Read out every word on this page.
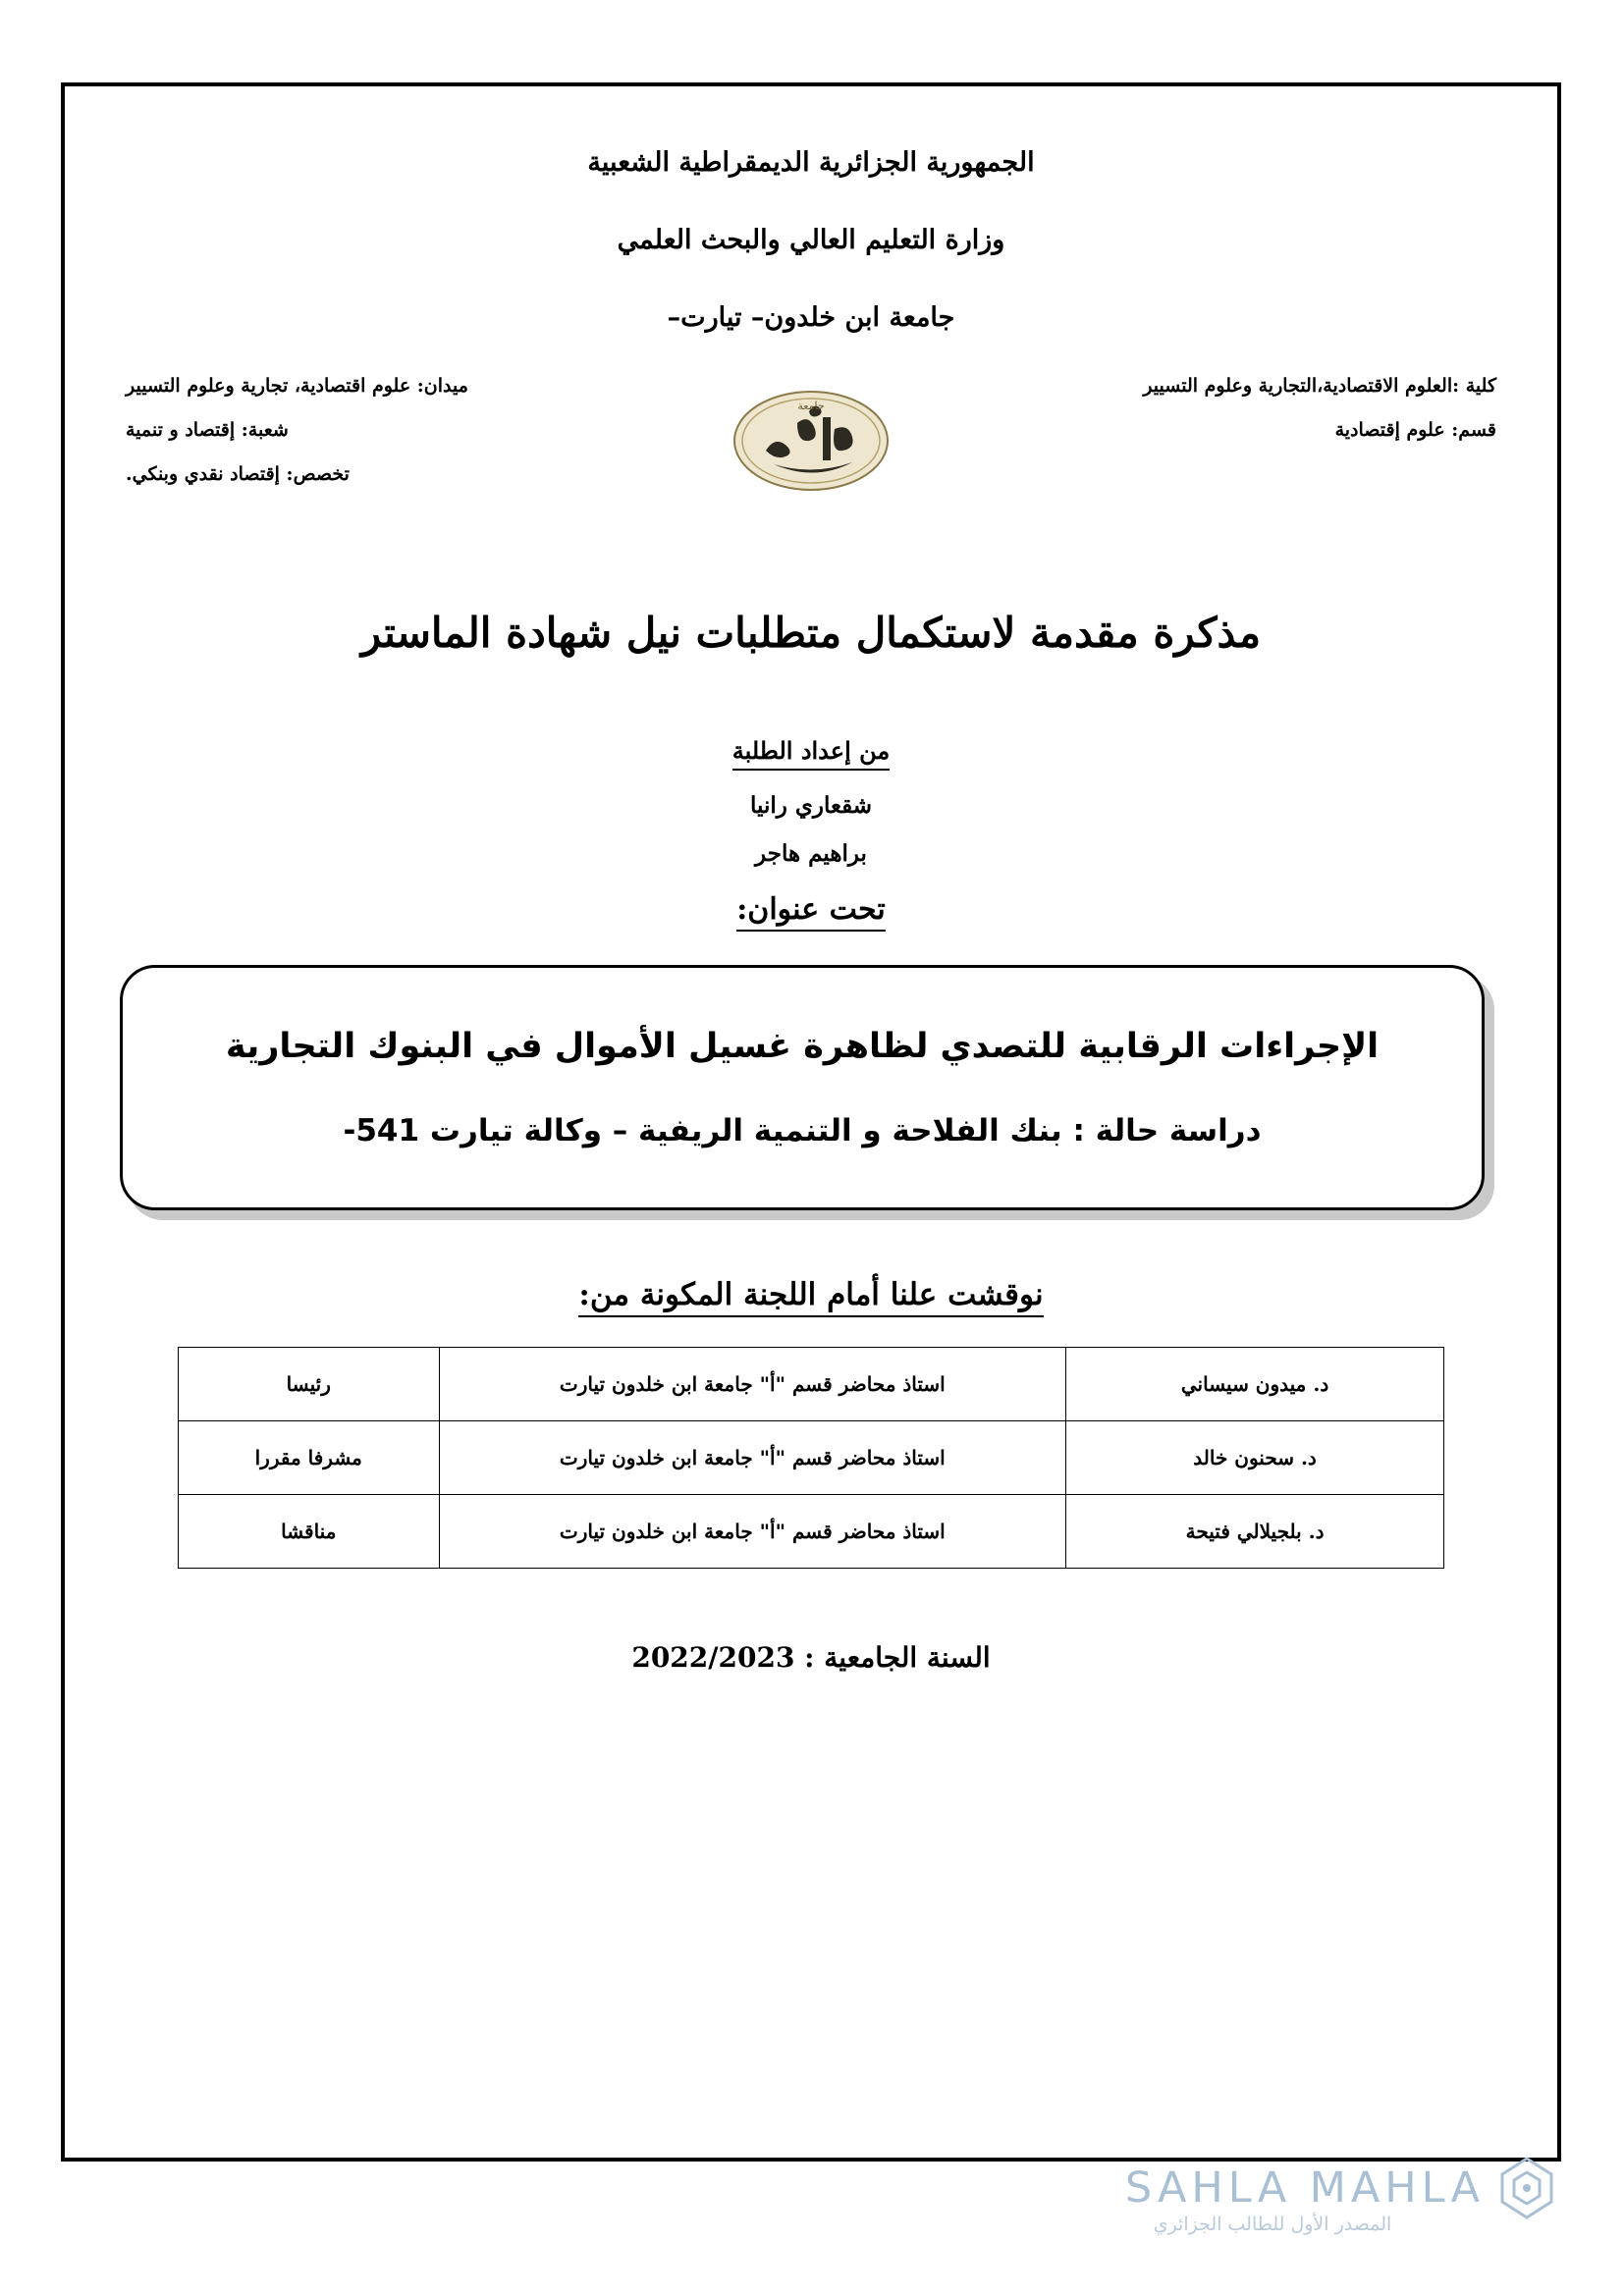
الجمهورية الجزائرية الديمقراطية الشعبية
وزارة التعليم العالي والبحث العلمي
جامعة ابن خلدون– تيارت–
كلية :العلوم الاقتصادية،التجارية وعلوم التسيير
قسم: علوم إقتصادية
جامعة
ميدان: علوم اقتصادية، تجارية وعلوم التسيير
شعبة: إقتصاد و تنمية
تخصص: إقتصاد نقدي وبنكي.
مذكرة مقدمة لاستكمال متطلبات نيل شهادة الماستر
من إعداد الطلبة
شقعاري رانيا
براهيم هاجر
تحت عنوان:
الإجراءات الرقابية للتصدي لظاهرة غسيل الأموال في البنوك التجارية
دراسة حالة : بنك الفلاحة و التنمية الريفية – وكالة تيارت 541-
نوقشت علنا أمام اللجنة المكونة من:
د. ميدون سيساني	استاذ محاضر قسم "أ" جامعة ابن خلدون تيارت	رئيسا
د. سحنون خالد	استاذ محاضر قسم "أ" جامعة ابن خلدون تيارت	مشرفا مقررا
د. بلجيلالي فتيحة	استاذ محاضر قسم "أ" جامعة ابن خلدون تيارت	مناقشا
السنة الجامعية : 2022/2023
SAHLA MAHLA
المصدر الأول للطالب الجزائري
